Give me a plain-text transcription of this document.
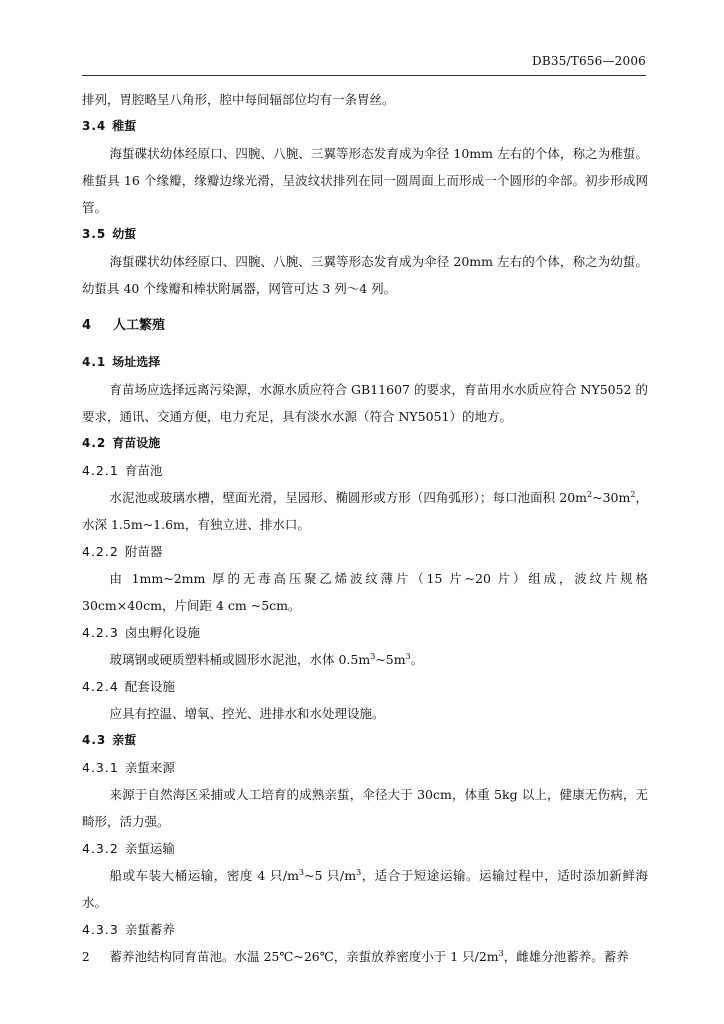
DB35/T656—2006

排列，胃腔略呈八角形，腔中每间辐部位均有一条胃丝。

3.4 稚蜇

海蜇碟状幼体经原口、四腕、八腕、三翼等形态发育成为伞径 10mm 左右的个体，称之为稚蜇。稚蜇具 16 个缘瓣，缘瓣边缘光滑，呈波纹状排列在同一圆周面上而形成一个圆形的伞部。初步形成网管。

3.5 幼蜇

海蜇碟状幼体经原口、四腕、八腕、三翼等形态发育成为伞径 20mm 左右的个体，称之为幼蜇。幼蜇具 40 个缘瓣和棒状附属器，网管可达 3 列～4 列。

4 人工繁殖
4.1 场址选择

育苗场应选择远离污染源，水源水质应符合 GB11607 的要求，育苗用水水质应符合 NY5052 的要求，通讯、交通方便，电力充足，具有淡水水源（符合 NY5051）的地方。

4.2 育苗设施
4.2.1 育苗池

水泥池或玻璃水槽，壁面光滑，呈园形、椭圆形或方形（四角弧形）；每口池面积 $20m^2\sim 30m^2$，水深 1.5m~1.6m，有独立进、排水口。

4.2.2 附苗器

由 1mm~2mm 厚的无毒高压聚乙烯波纹薄片（15 片~20 片）组成，波纹片规格 30cm×40cm，片间距 4 cm ~5cm。

4.2.3 卤虫孵化设施

玻璃钢或硬质塑料桶或圆形水泥池，水体 $0.5m^3\sim 5m^3$。

4.2.4 配套设施

应具有控温、增氧、控光、进排水和水处理设施。

4.3 亲蜇
4.3.1 亲蜇来源

来源于自然海区采捕或人工培育的成熟亲蜇，伞径大于 30cm，体重 5kg 以上，健康无伤病，无畸形，活力强。

4.3.2 亲蜇运输

船或车装大桶运输，密度 4 只$/m^3\sim 5$ 只$/m^3$，适合于短途运输。运输过程中，适时添加新鲜海水。

4.3.3 亲蜇蓄养

蓄养池结构同育苗池。水温 25℃~26℃，亲蜇放养密度小于 1 只$/2m^3$，雌雄分池蓄养。蓄养

2
